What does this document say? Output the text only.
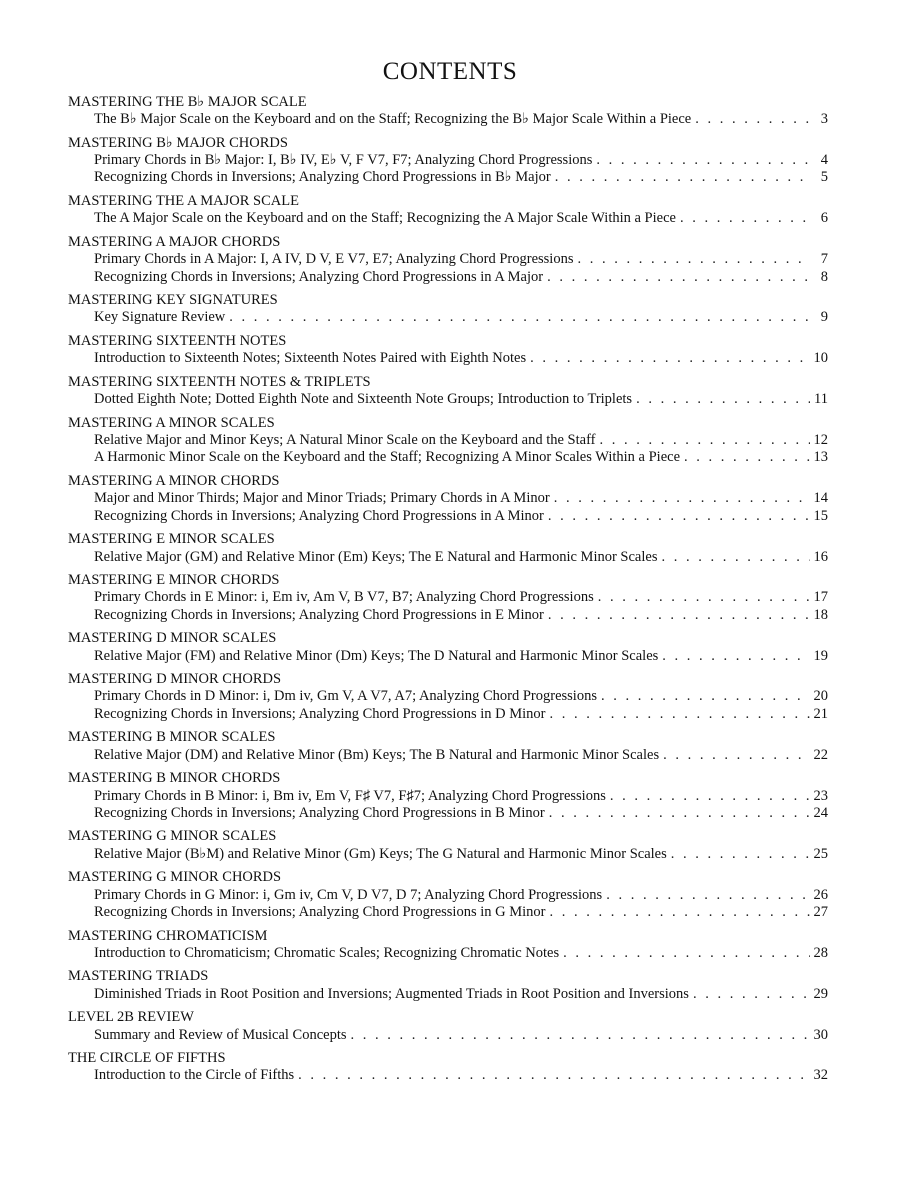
CONTENTS
MASTERING THE B♭ MAJOR SCALE
The B♭ Major Scale on the Keyboard and on the Staff; Recognizing the B♭ Major Scale Within a Piece . . .	3
MASTERING B♭ MAJOR CHORDS
Primary Chords in B♭ Major: I, B♭ IV, E♭ V, F V7, F7; Analyzing Chord Progressions . . .	4
Recognizing Chords in Inversions; Analyzing Chord Progressions in B♭ Major . . .	5
MASTERING THE A MAJOR SCALE
The A Major Scale on the Keyboard and on the Staff; Recognizing the A Major Scale Within a Piece . . .	6
MASTERING A MAJOR CHORDS
Primary Chords in A Major: I, A IV, D V, E V7, E7; Analyzing Chord Progressions . . .	7
Recognizing Chords in Inversions; Analyzing Chord Progressions in A Major . . .	8
MASTERING KEY SIGNATURES
Key Signature Review . . .	9
MASTERING SIXTEENTH NOTES
Introduction to Sixteenth Notes; Sixteenth Notes Paired with Eighth Notes . . .	10
MASTERING SIXTEENTH NOTES & TRIPLETS
Dotted Eighth Note; Dotted Eighth Note and Sixteenth Note Groups; Introduction to Triplets . . .	11
MASTERING A MINOR SCALES
Relative Major and Minor Keys; A Natural Minor Scale on the Keyboard and the Staff . . .	12
A Harmonic Minor Scale on the Keyboard and the Staff; Recognizing A Minor Scales Within a Piece . . .	13
MASTERING A MINOR CHORDS
Major and Minor Thirds; Major and Minor Triads; Primary Chords in A Minor . . .	14
Recognizing Chords in Inversions; Analyzing Chord Progressions in A Minor . . .	15
MASTERING E MINOR SCALES
Relative Major (GM) and Relative Minor (Em) Keys; The E Natural and Harmonic Minor Scales . . .	16
MASTERING E MINOR CHORDS
Primary Chords in E Minor: i, Em iv, Am V, B V7, B7; Analyzing Chord Progressions . . .	17
Recognizing Chords in Inversions; Analyzing Chord Progressions in E Minor . . .	18
MASTERING D MINOR SCALES
Relative Major (FM) and Relative Minor (Dm) Keys; The D Natural and Harmonic Minor Scales . . .	19
MASTERING D MINOR CHORDS
Primary Chords in D Minor: i, Dm iv, Gm V, A V7, A7; Analyzing Chord Progressions . . .	20
Recognizing Chords in Inversions; Analyzing Chord Progressions in D Minor . . .	21
MASTERING B MINOR SCALES
Relative Major (DM) and Relative Minor (Bm) Keys; The B Natural and Harmonic Minor Scales . . .	22
MASTERING B MINOR CHORDS
Primary Chords in B Minor: i, Bm iv, Em V, F♯ V7, F♯7; Analyzing Chord Progressions . . .	23
Recognizing Chords in Inversions; Analyzing Chord Progressions in B Minor . . .	24
MASTERING G MINOR SCALES
Relative Major (B♭M) and Relative Minor (Gm) Keys; The G Natural and Harmonic Minor Scales . . .	25
MASTERING G MINOR CHORDS
Primary Chords in G Minor: i, Gm iv, Cm V, D V7, D 7; Analyzing Chord Progressions . . .	26
Recognizing Chords in Inversions; Analyzing Chord Progressions in G Minor . . .	27
MASTERING CHROMATICISM
Introduction to Chromaticism; Chromatic Scales; Recognizing Chromatic Notes . . .	28
MASTERING TRIADS
Diminished Triads in Root Position and Inversions; Augmented Triads in Root Position and Inversions . . .	29
LEVEL 2B REVIEW
Summary and Review of Musical Concepts . . .	30
THE CIRCLE OF FIFTHS
Introduction to the Circle of Fifths . . .	32
